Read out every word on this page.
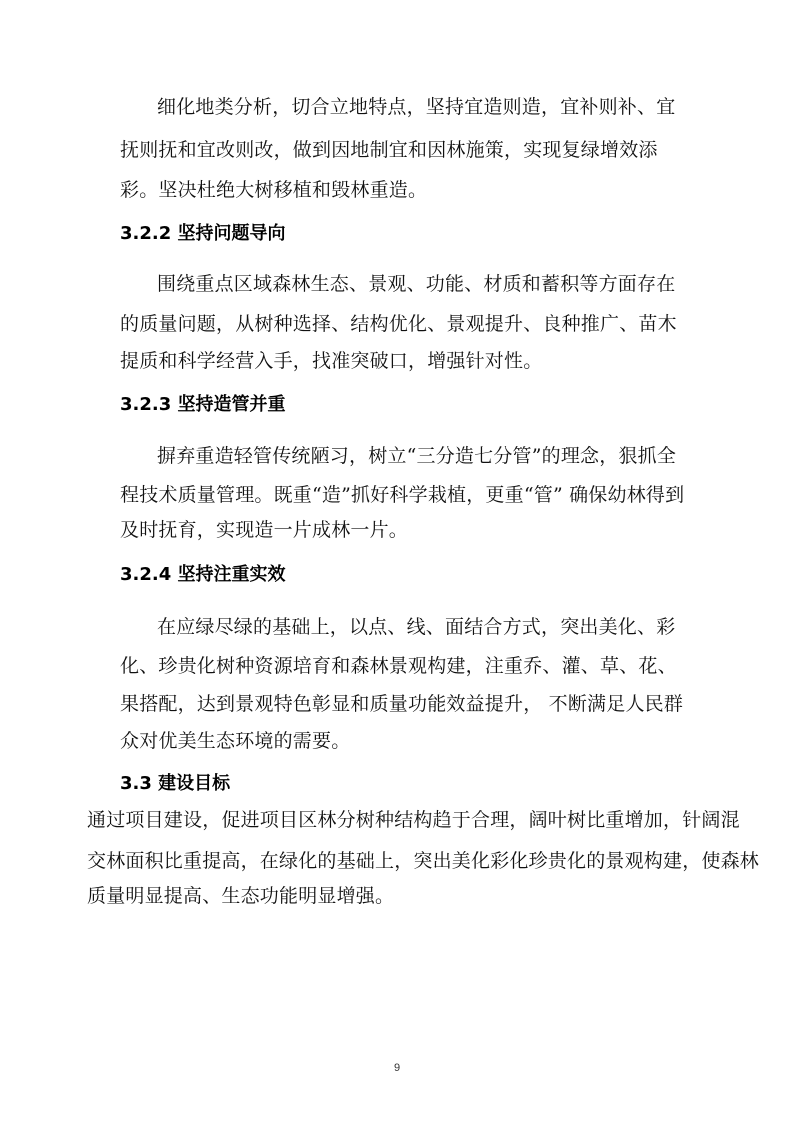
细化地类分析，切合立地特点，坚持宜造则造，宜补则补、宜
抚则抚和宜改则改，做到因地制宜和因林施策，实现复绿增效添
彩。坚决杜绝大树移植和毁林重造。
3.2.2 坚持问题导向
围绕重点区域森林生态、景观、功能、材质和蓄积等方面存在
的质量问题，从树种选择、结构优化、景观提升、良种推广、苗木
提质和科学经营入手，找准突破口，增强针对性。
3.2.3 坚持造管并重
摒弃重造轻管传统陋习，树立“三分造七分管”的理念，狠抓全
程技术质量管理。既重“造”抓好科学栽植，更重“管” 确保幼林得到
及时抚育，实现造一片成林一片。
3.2.4 坚持注重实效
在应绿尽绿的基础上，以点、线、面结合方式，突出美化、彩
化、珍贵化树种资源培育和森林景观构建，注重乔、灌、草、花、
果搭配，达到景观特色彰显和质量功能效益提升， 不断满足人民群
众对优美生态环境的需要。
3.3 建设目标
通过项目建设，促进项目区林分树种结构趋于合理，阔叶树比重增加，针阔混
交林面积比重提高，在绿化的基础上，突出美化彩化珍贵化的景观构建，使森林
质量明显提高、生态功能明显增强。
9
